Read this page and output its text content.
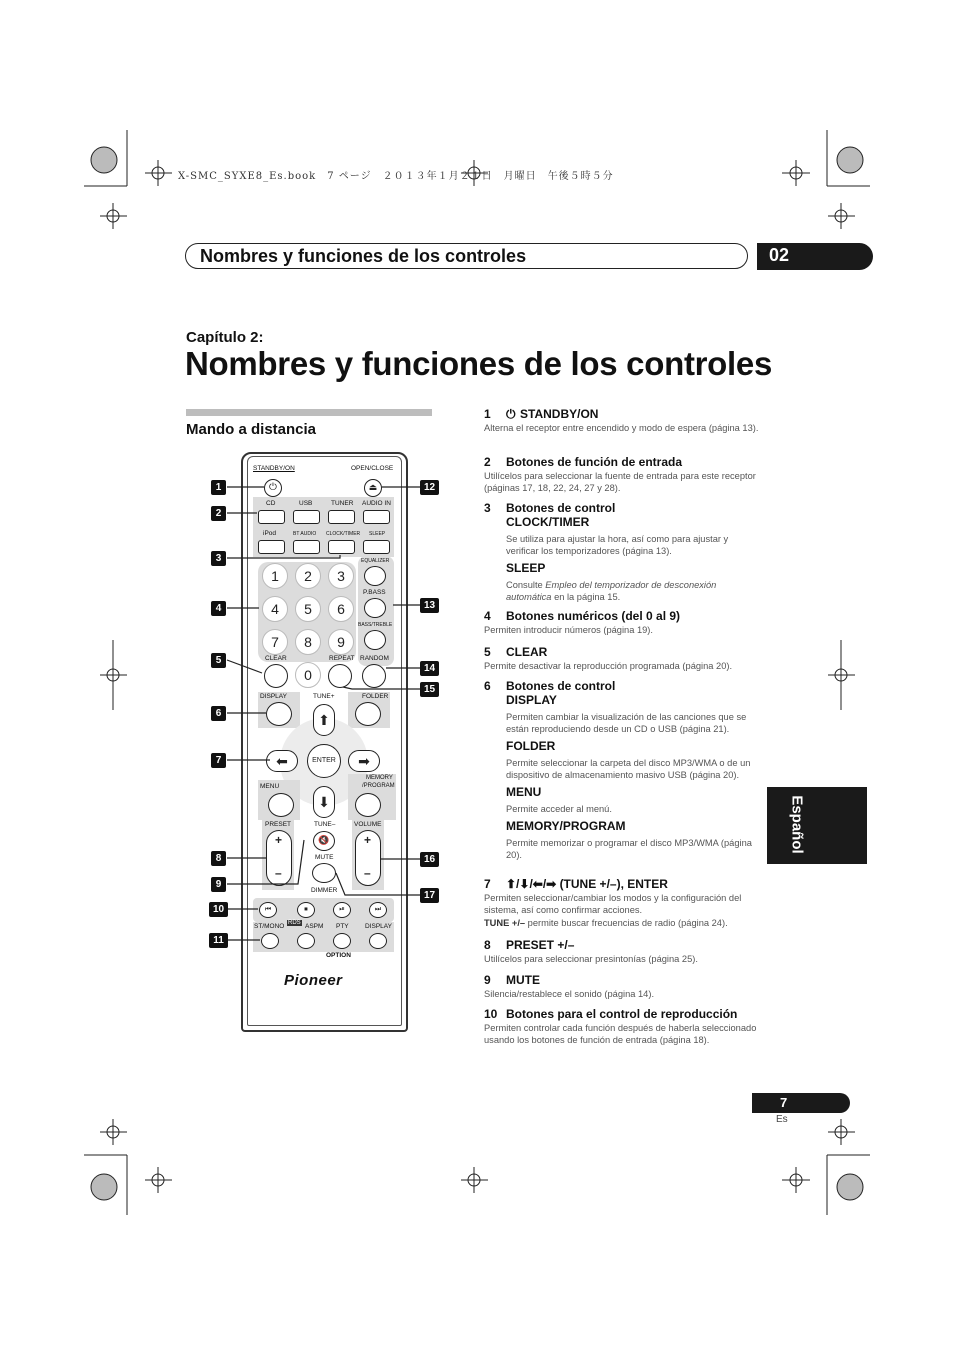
X-SMC_SYXE8_Es.book　7 ページ　２０１３年１月２１日　月曜日　午後５時５分
Nombres y funciones de los controles	02
Capítulo 2:
Nombres y funciones de los controles
Mando a distancia
Español
STANDBY/ON	OPEN/CLOSE
⏻	⏏
CD	USB	TUNER AUDIO IN
iPod	BT AUDIO CLOCK/TIMER SLEEP
1	2	3
4	5	6
7	8	9
0
EQUALIZER
P.BASS
BASS/TREBLE
CLEAR	REPEAT RANDOM
DISPLAY	FOLDER
TUNE+
⬆
⬇
⬅	➡
ENTER
MENU
MEMORY
/PROGRAM
PRESET
+
–
VOLUME
+
–
TUNE–
🔇
MUTE
DIMMER
⏮	⏹	⏯	⏭
ST/MONO RDS ASPM PTY	DISPLAY
OPTION
Pioneer
1
2
3
4
5
6
7
8
9
10
11
12
13
14
15
16
17
1 ⏻ STANDBY/ON
Alterna el receptor entre encendido y modo de espera (página 13).
2 Botones de función de entrada
Utilícelos para seleccionar la fuente de entrada para este receptor (páginas 17, 18, 22, 24, 27 y 28).
3 Botones de control
CLOCK/TIMER
Se utiliza para ajustar la hora, así como para ajustar y verificar los temporizadores (página 13).
SLEEP
Consulte Empleo del temporizador de desconexión automática en la página 15.
4 Botones numéricos (del 0 al 9)
Permiten introducir números (página 19).
5 CLEAR
Permite desactivar la reproducción programada (página 20).
6 Botones de control
DISPLAY
Permiten cambiar la visualización de las canciones que se están reproduciendo desde un CD o USB (página 21).
FOLDER
Permite seleccionar la carpeta del disco MP3/WMA o de un dispositivo de almacenamiento masivo USB (página 20).
MENU
Permite acceder al menú.
MEMORY/PROGRAM
Permite memorizar o programar el disco MP3/WMA (página 20).
7 ⬆/⬇/⬅/➡ (TUNE +/–), ENTER
Permiten seleccionar/cambiar los modos y la configuración del sistema, así como confirmar acciones.
TUNE +/– permite buscar frecuencias de radio (página 24).
8 PRESET +/–
Utilícelos para seleccionar presintonías (página 25).
9 MUTE
Silencia/restablece el sonido (página 14).
10 Botones para el control de reproducción
Permiten controlar cada función después de haberla seleccionado usando los botones de función de entrada (página 18).
7
Es
